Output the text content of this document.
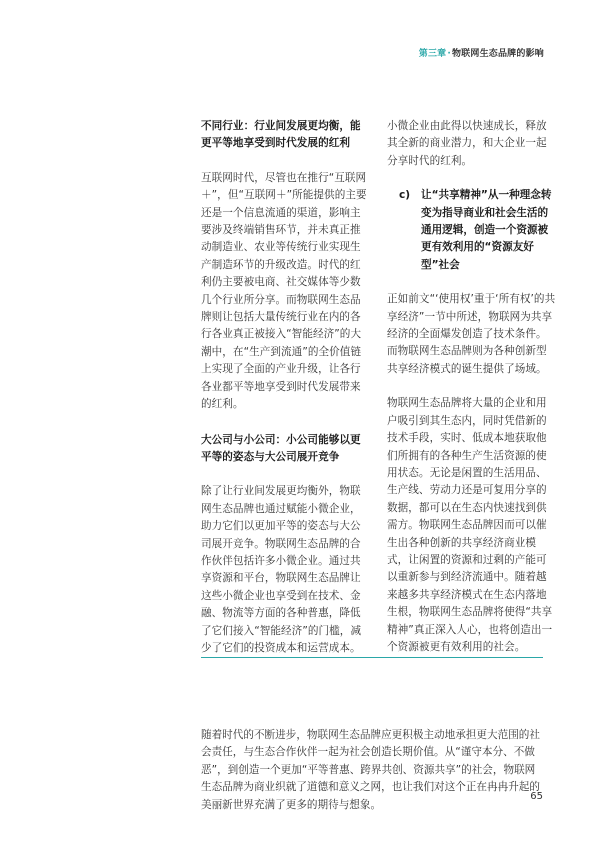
第三章·物联网生态品牌的影响

不同行业：行业间发展更均衡，能更平等地享受到时代发展的红利

互联网时代，尽管也在推行“互联网＋”，但“互联网＋”所能提供的主要还是一个信息流通的渠道，影响主要涉及终端销售环节，并未真正推动制造业、农业等传统行业实现生产制造环节的升级改造。时代的红利仍主要被电商、社交媒体等少数几个行业所分享。而物联网生态品牌则让包括大量传统行业在内的各行各业真正被接入“智能经济”的大潮中，在“生产到流通”的全价值链上实现了全面的产业升级，让各行各业都平等地享受到时代发展带来的红利。

大公司与小公司：小公司能够以更平等的姿态与大公司展开竞争

除了让行业间发展更均衡外，物联网生态品牌也通过赋能小微企业，助力它们以更加平等的姿态与大公司展开竞争。物联网生态品牌的合作伙伴包括许多小微企业。通过共享资源和平台，物联网生态品牌让这些小微企业也享受到在技术、金融、物流等方面的各种普惠，降低了它们接入“智能经济”的门槛，减少了它们的投资成本和运营成本。

小微企业由此得以快速成长，释放其全新的商业潜力，和大企业一起分享时代的红利。

c)	让“共享精神”从一种理念转变为指导商业和社会生活的通用逻辑，创造一个资源被更有效利用的“资源友好型”社会

正如前文“‘使用权’重于‘所有权’的共享经济”一节中所述，物联网为共享经济的全面爆发创造了技术条件。而物联网生态品牌则为各种创新型共享经济模式的诞生提供了场域。

物联网生态品牌将大量的企业和用户吸引到其生态内，同时凭借新的技术手段，实时、低成本地获取他们所拥有的各种生产生活资源的使用状态。无论是闲置的生活用品、生产线、劳动力还是可复用分享的数据，都可以在生态内快速找到供需方。物联网生态品牌因而可以催生出各种创新的共享经济商业模式，让闲置的资源和过剩的产能可以重新参与到经济流通中。随着越来越多共享经济模式在生态内落地生根，物联网生态品牌将使得“共享精神”真正深入人心，也将创造出一个资源被更有效利用的社会。

随着时代的不断进步，物联网生态品牌应更积极主动地承担更大范围的社会责任，与生态合作伙伴一起为社会创造长期价值。从“谨守本分、不做恶”，到创造一个更加“平等普惠、跨界共创、资源共享”的社会，物联网生态品牌为商业织就了道德和意义之网，也让我们对这个正在冉冉升起的美丽新世界充满了更多的期待与想象。

65
